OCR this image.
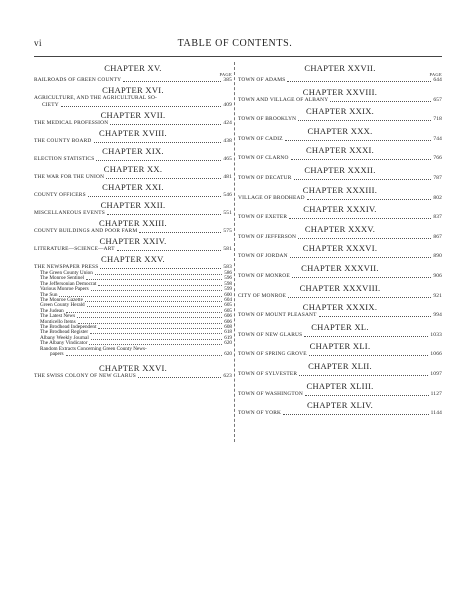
vi	TABLE OF CONTENTS.
CHAPTER XV.
PAGE
RAILROADS OF GREEN COUNTY	385
CHAPTER XVI.
AGRICULTURE, AND THE AGRICULTURAL SO-
CIETY	409
CHAPTER XVII.
THE MEDICAL PROFESSION	424
CHAPTER XVIII.
THE COUNTY BOARD	438
CHAPTER XIX.
ELECTION STATISTICS	465
CHAPTER XX.
THE WAR FOR THE UNION	481
CHAPTER XXI.
COUNTY OFFICERS	546
CHAPTER XXII.
MISCELLANEOUS EVENTS	551
CHAPTER XXIII.
COUNTY BUILDINGS AND POOR FARM	575
CHAPTER XXIV.
LITERATURE—SCIENCE—ART	581
CHAPTER XXV.
THE NEWSPAPER PRESS	583
The Green County Union	586
The Monroe Sentinel	596
The Jeffersonian Democrat	598
Various Monroe Papers	599
The Sun	600
The Monroe Gazette	604
Green County Herald	605
The Judean	605
The Latest News	606
Monticello Items	606
The Brodhead Independent	608
The Brodhead Register	618
Albany Weekly Journal	619
The Albany Vindicator	620
Random Extracts Concerning Green County News-
papers	620
CHAPTER XXVI.
THE SWISS COLONY OF NEW GLARUS	623
CHAPTER XXVII.
PAGE
TOWN OF ADAMS	644
CHAPTER XXVIII.
TOWN AND VILLAGE OF ALBANY	657
CHAPTER XXIX.
TOWN OF BROOKLYN	718
CHAPTER XXX.
TOWN OF CADIZ	744
CHAPTER XXXI.
TOWN OF CLARNO	766
CHAPTER XXXII.
TOWN OF DECATUR	787
CHAPTER XXXIII.
VILLAGE OF BRODHEAD	802
CHAPTER XXXIV.
TOWN OF EXETER	837
CHAPTER XXXV.
TOWN OF JEFFERSON	867
CHAPTER XXXVI.
TOWN OF JORDAN	890
CHAPTER XXXVII.
TOWN OF MONROE	906
CHAPTER XXXVIII.
CITY OF MONROE	921
CHAPTER XXXIX.
TOWN OF MOUNT PLEASANT	994
CHAPTER XL.
TOWN OF NEW GLARUS	1033
CHAPTER XLI.
TOWN OF SPRING GROVE	1066
CHAPTER XLII.
TOWN OF SYLVESTER	1097
CHAPTER XLIII.
TOWN OF WASHINGTON	1127
CHAPTER XLIV.
TOWN OF YORK	1144
